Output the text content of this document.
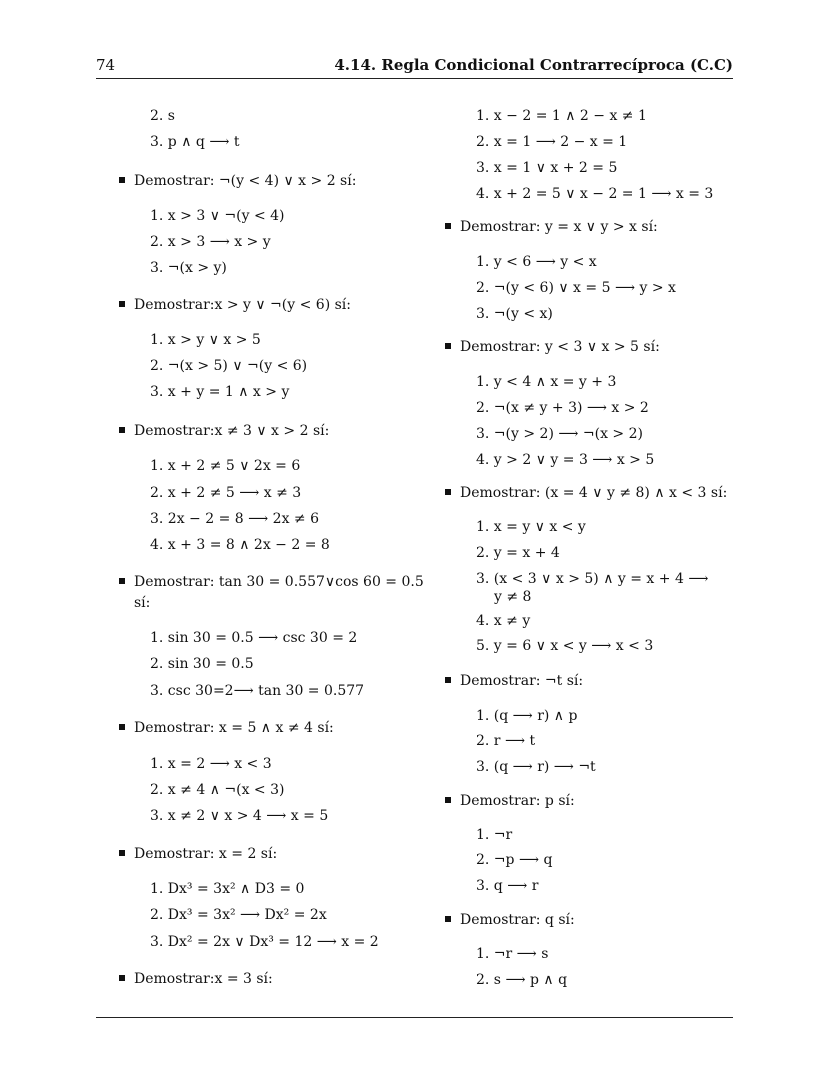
74	4.14. Regla Condicional Contrarrecíproca (C.C)
2. s
3. p ∧ q ⟶ t
Demostrar: ¬(y < 4) ∨ x > 2 sí:
1. x > 3 ∨ ¬(y < 4)
2. x > 3 ⟶ x > y
3. ¬(x > y)
Demostrar:x > y ∨ ¬(y < 6) sí:
1. x > y ∨ x > 5
2. ¬(x > 5) ∨ ¬(y < 6)
3. x + y = 1 ∧ x > y
Demostrar:x ≠ 3 ∨ x > 2 sí:
1. x + 2 ≠ 5 ∨ 2x = 6
2. x + 2 ≠ 5 ⟶ x ≠ 3
3. 2x − 2 = 8 ⟶ 2x ≠ 6
4. x + 3 = 8 ∧ 2x − 2 = 8
Demostrar: tan 30 = 0.557∨cos 60 = 0.5
sí:
1. sin 30 = 0.5 ⟶ csc 30 = 2
2. sin 30 = 0.5
3. csc 30=2⟶ tan 30 = 0.577
Demostrar: x = 5 ∧ x ≠ 4 sí:
1. x = 2 ⟶ x < 3
2. x ≠ 4 ∧ ¬(x < 3)
3. x ≠ 2 ∨ x > 4 ⟶ x = 5
Demostrar: x = 2 sí:
1. Dx³ = 3x² ∧ D3 = 0
2. Dx³ = 3x² ⟶ Dx² = 2x
3. Dx² = 2x ∨ Dx³ = 12 ⟶ x = 2
Demostrar:x = 3 sí:
1. x − 2 = 1 ∧ 2 − x ≠ 1
2. x = 1 ⟶ 2 − x = 1
3. x = 1 ∨ x + 2 = 5
4. x + 2 = 5 ∨ x − 2 = 1 ⟶ x = 3
Demostrar: y = x ∨ y > x sí:
1. y < 6 ⟶ y < x
2. ¬(y < 6) ∨ x = 5 ⟶ y > x
3. ¬(y < x)
Demostrar: y < 3 ∨ x > 5 sí:
1. y < 4 ∧ x = y + 3
2. ¬(x ≠ y + 3) ⟶ x > 2
3. ¬(y > 2) ⟶ ¬(x > 2)
4. y > 2 ∨ y = 3 ⟶ x > 5
Demostrar: (x = 4 ∨ y ≠ 8) ∧ x < 3 sí:
1. x = y ∨ x < y
2. y = x + 4
3. (x < 3 ∨ x > 5) ∧ y = x + 4 ⟶
y ≠ 8
4. x ≠ y
5. y = 6 ∨ x < y ⟶ x < 3
Demostrar: ¬t sí:
1. (q ⟶ r) ∧ p
2. r ⟶ t
3. (q ⟶ r) ⟶ ¬t
Demostrar: p sí:
1. ¬r
2. ¬p ⟶ q
3. q ⟶ r
Demostrar: q sí:
1. ¬r ⟶ s
2. s ⟶ p ∧ q
